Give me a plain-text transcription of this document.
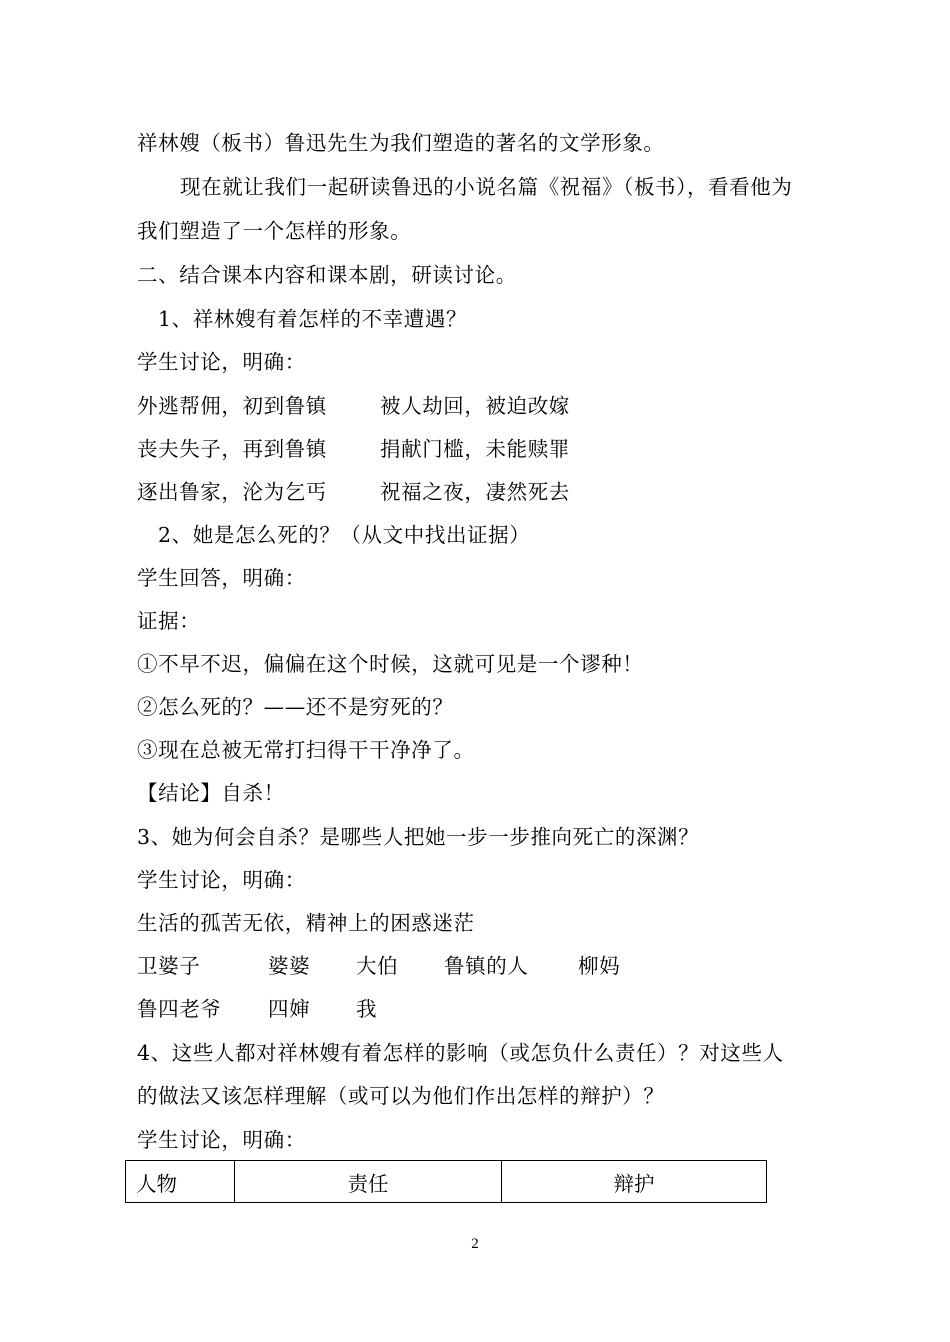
祥林嫂（板书）鲁迅先生为我们塑造的著名的文学形象。
现在就让我们一起研读鲁迅的小说名篇《祝福》（板书），看看他为
我们塑造了一个怎样的形象。
二、结合课本内容和课本剧，研读讨论。
1、祥林嫂有着怎样的不幸遭遇？
学生讨论，明确：
外逃帮佣，初到鲁镇	被人劫回，被迫改嫁
丧夫失子，再到鲁镇	捐献门槛，未能赎罪
逐出鲁家，沦为乞丐	祝福之夜，凄然死去
2、她是怎么死的？（从文中找出证据）
学生回答，明确：
证据：
①不早不迟，偏偏在这个时候，这就可见是一个谬种！
②怎么死的？——还不是穷死的？
③现在总被无常打扫得干干净净了。
【结论】自杀！
3、她为何会自杀？是哪些人把她一步一步推向死亡的深渊？
学生讨论，明确：
生活的孤苦无依，精神上的困惑迷茫
卫婆子	婆婆 大伯 鲁镇的人 柳妈
鲁四老爷 四婶 我
4、这些人都对祥林嫂有着怎样的影响（或怎负什么责任）？对这些人
的做法又该怎样理解（或可以为他们作出怎样的辩护）？
学生讨论，明确：
人物	责任	辩护
2
